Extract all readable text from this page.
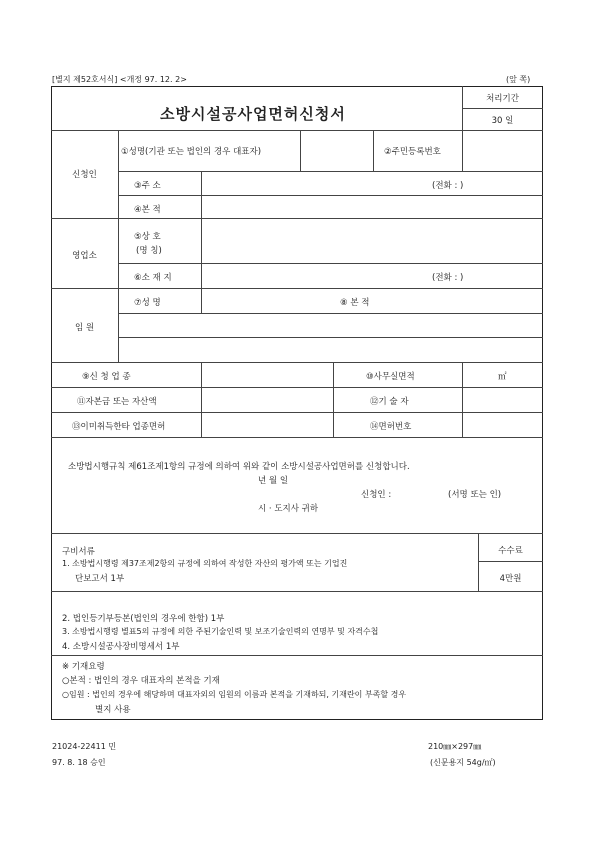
[별지 제52호서식] <개정 97. 12. 2>	(앞 쪽)
소방시설공사업면허신청서
처리기간
30 일
신청인
①성명(기관 또는 법인의 경우 대표자)	②주민등록번호
③주 소	(전화 : )
④본 적
영업소
⑤상 호
(명 칭)
⑥소 재 지	(전화 : )
임 원
⑦성 명	⑧ 본 적
⑨신 청 업 종	⑩사무실면적	㎡
⑪자본금 또는 자산액	⑫기 술 자
⑬이미취득한타 업종면허	⑭면허번호
소방법시행규칙 제61조제1항의 규정에 의하여 위와 같이 소방시설공사업면허를 신청합니다.
년 월 일
신청인 :	(서명 또는 인)
시 · 도지사 귀하
구비서류
1. 소방법시행령 제37조제2항의 규정에 의하여 작성한 자산의 평가액 또는 기업진
단보고서 1부
수수료
4만원
2. 법인등기부등본(법인의 경우에 한함) 1부
3. 소방법시행령 별표5의 규정에 의한 주된기술인력 및 보조기술인력의 연명부 및 자격수첩
4. 소방시설공사장비명세서 1부
※ 기재요령
○본적 : 법인의 경우 대표자의 본적을 기재
○임원 : 법인의 경우에 해당하며 대표자외의 임원의 이름과 본적을 기재하되, 기재란이 부족할 경우
별지 사용
21024-22411 민	210㎜×297㎜
97. 8. 18 승인	(신문용지 54g/㎡)
